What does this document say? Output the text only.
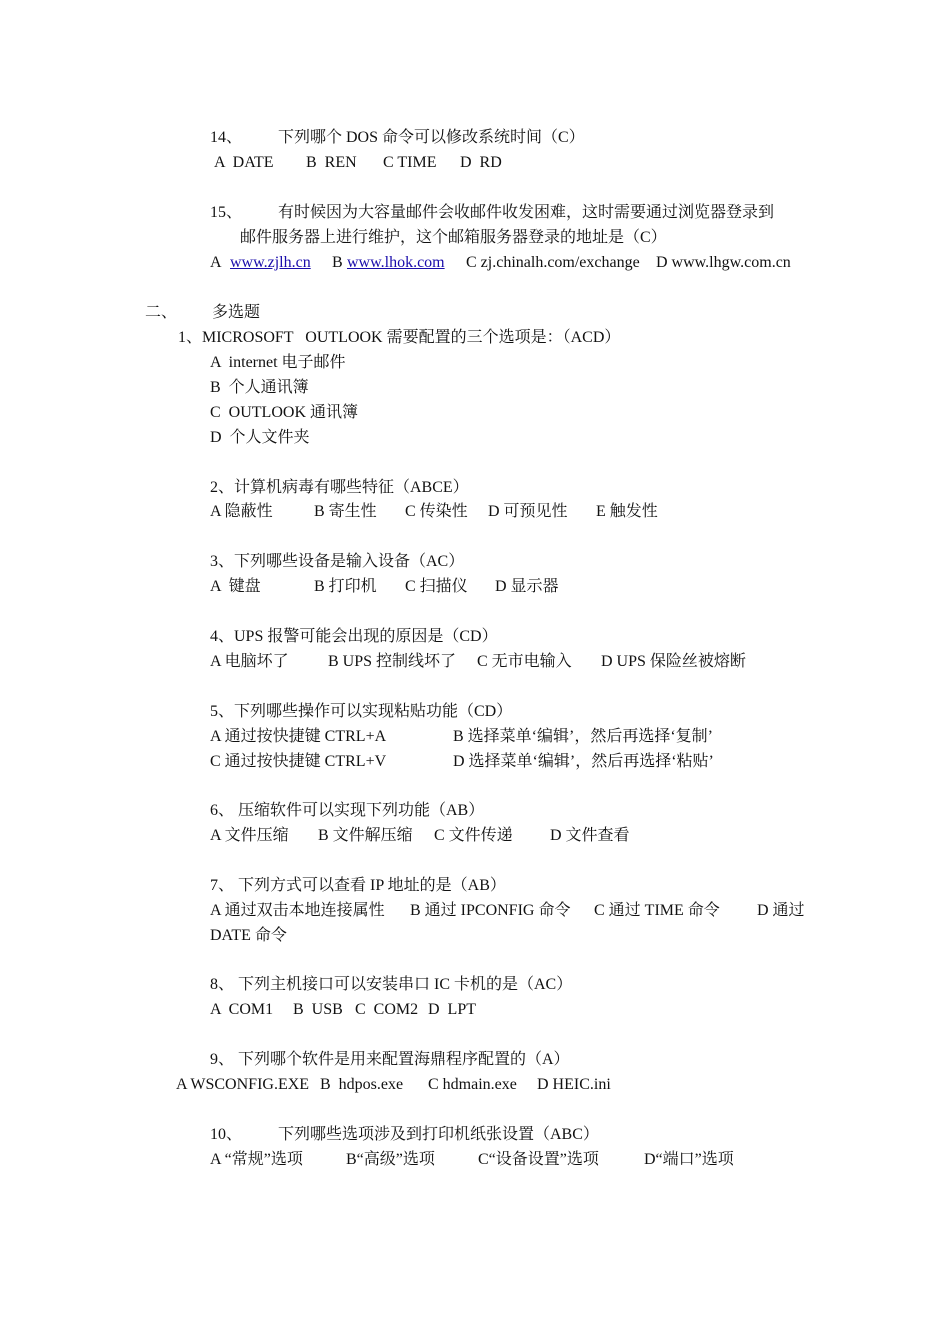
14、 下列哪个 DOS 命令可以修改系统时间（C）
A  DATE B  REN C TIME D  RD
15、 有时候因为大容量邮件会收邮件收发困难，这时需要通过浏览器登录到
邮件服务器上进行维护，这个邮箱服务器登录的地址是（C）
A www.zjlh.cn B www.lhok.com C zj.chinalh.com/exchange D www.lhgw.com.cn
二、 多选题
1、MICROSOFT   OUTLOOK 需要配置的三个选项是：（ACD）
A  internet 电子邮件
B  个人通讯簿
C  OUTLOOK 通讯簿
D  个人文件夹
2、计算机病毒有哪些特征（ABCE）
A 隐蔽性	B 寄生性 C 传染性 D 可预见性 E 触发性
3、下列哪些设备是输入设备（AC）
A  键盘	B 打印机 C 扫描仪 D 显示器
4、UPS 报警可能会出现的原因是（CD）
A 电脑坏了 B UPS 控制线坏了 C 无市电输入 D UPS 保险丝被熔断
5、下列哪些操作可以实现粘贴功能（CD）
A 通过按快捷键 CTRL+A	B 选择菜单‘编辑’，然后再选择‘复制’
C 通过按快捷键 CTRL+V	D 选择菜单‘编辑’，然后再选择‘粘贴’
6、 压缩软件可以实现下列功能（AB）
A 文件压缩 B 文件解压缩 C 文件传递 D 文件查看
7、 下列方式可以查看 IP 地址的是（AB）
A 通过双击本地连接属性 B 通过 IPCONFIG 命令 C 通过 TIME 命令 D 通过
DATE 命令
8、 下列主机接口可以安装串口 IC 卡机的是（AC）
A  COM1 B  USB C  COM2 D  LPT
9、 下列哪个软件是用来配置海鼎程序配置的（A）
A WSCONFIG.EXE B  hdpos.exe C hdmain.exe D HEIC.ini
10、 下列哪些选项涉及到打印机纸张设置（ABC）
A “常规”选项	B“高级”选项	C“设备设置”选项	D“端口”选项
